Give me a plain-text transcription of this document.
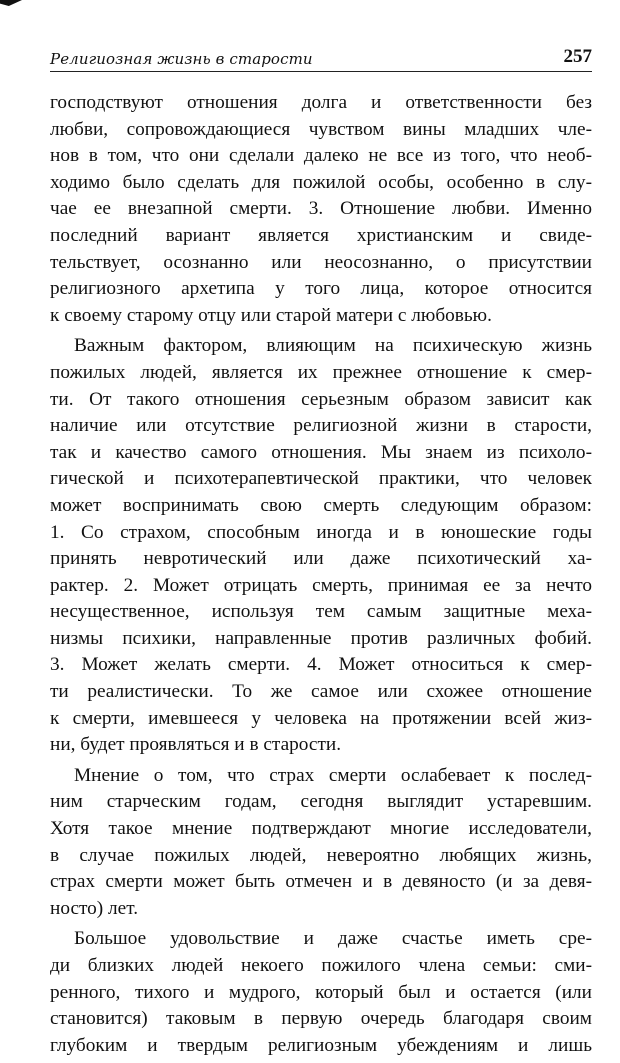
Религиозная жизнь в старости	257
господствуют отношения долга и ответственности без
любви, сопровождающиеся чувством вины младших чле-
нов в том, что они сделали далеко не все из того, что необ-
ходимо было сделать для пожилой особы, особенно в слу-
чае ее внезапной смерти. 3. Отношение любви. Именно
последний вариант является христианским и свиде-
тельствует, осознанно или неосознанно, о присутствии
религиозного архетипа у того лица, которое относится
к своему старому отцу или старой матери с любовью.
Важным фактором, влияющим на психическую жизнь
пожилых людей, является их прежнее отношение к смер-
ти. От такого отношения серьезным образом зависит как
наличие или отсутствие религиозной жизни в старости,
так и качество самого отношения. Мы знаем из психоло-
гической и психотерапевтической практики, что человек
может воспринимать свою смерть следующим образом:
1. Со страхом, способным иногда и в юношеские годы
принять невротический или даже психотический ха-
рактер. 2. Может отрицать смерть, принимая ее за нечто
несущественное, используя тем самым защитные меха-
низмы психики, направленные против различных фобий.
3. Может желать смерти. 4. Может относиться к смер-
ти реалистически. То же самое или схожее отношение
к смерти, имевшееся у человека на протяжении всей жиз-
ни, будет проявляться и в старости.
Мнение о том, что страх смерти ослабевает к послед-
ним старческим годам, сегодня выглядит устаревшим.
Хотя такое мнение подтверждают многие исследователи,
в случае пожилых людей, невероятно любящих жизнь,
страх смерти может быть отмечен и в девяносто (и за девя-
носто) лет.
Большое удовольствие и даже счастье иметь сре-
ди близких людей некоего пожилого члена семьи: сми-
ренного, тихого и мудрого, который был и остается (или
становится) таковым в первую очередь благодаря своим
глубоким и твердым религиозным убеждениям и лишь
